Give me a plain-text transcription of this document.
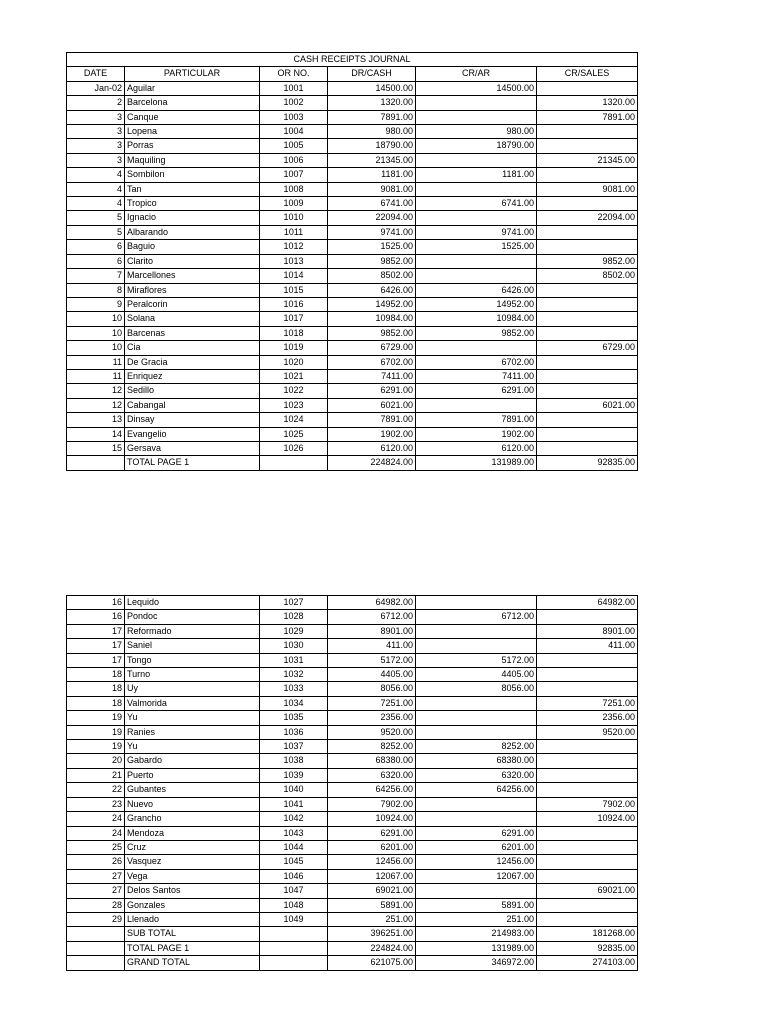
CASH RECEIPTS JOURNAL					
DATE	PARTICULAR	OR NO.	DR/CASH	CR/AR	CR/SALES
Jan-02	Aguilar	1001	14500.00	14500.00	
2	Barcelona	1002	1320.00		1320.00
3	Canque	1003	7891.00		7891.00
3	Lopena	1004	980.00	980.00	
3	Porras	1005	18790.00	18790.00	
3	Maquiling	1006	21345.00		21345.00
4	Sombilon	1007	1181.00	1181.00	
4	Tan	1008	9081.00		9081.00
4	Tropico	1009	6741.00	6741.00	
5	Ignacio	1010	22094.00		22094.00
5	Albarando	1011	9741.00	9741.00	
6	Baguio	1012	1525.00	1525.00	
6	Clarito	1013	9852.00		9852.00
7	Marcellones	1014	8502.00		8502.00
8	Miraflores	1015	6426.00	6426.00	
9	Peralcorin	1016	14952.00	14952.00	
10	Solana	1017	10984.00	10984.00	
10	Barcenas	1018	9852.00	9852.00	
10	Cia	1019	6729.00		6729.00
11	De Gracia	1020	6702.00	6702.00	
11	Enriquez	1021	7411.00	7411.00	
12	Sedillo	1022	6291.00	6291.00	
12	Cabangal	1023	6021.00		6021.00
13	Dinsay	1024	7891.00	7891.00	
14	Evangelio	1025	1902.00	1902.00	
15	Gersava	1026	6120.00	6120.00	
	TOTAL PAGE 1		224824.00	131989.00	92835.00
16	Lequido	1027	64982.00		64982.00
16	Pondoc	1028	6712.00	6712.00	
17	Reformado	1029	8901.00		8901.00
17	Saniel	1030	411.00		411.00
17	Tongo	1031	5172.00	5172.00	
18	Turno	1032	4405.00	4405.00	
18	Uy	1033	8056.00	8056.00	
18	Valmorida	1034	7251.00		7251.00
19	Yu	1035	2356.00		2356.00
19	Ranies	1036	9520.00		9520.00
19	Yu	1037	8252.00	8252.00	
20	Gabardo	1038	68380.00	68380.00	
21	Puerto	1039	6320.00	6320.00	
22	Gubantes	1040	64256.00	64256.00	
23	Nuevo	1041	7902.00		7902.00
24	Grancho	1042	10924.00		10924.00
24	Mendoza	1043	6291.00	6291.00	
25	Cruz	1044	6201.00	6201.00	
26	Vasquez	1045	12456.00	12456.00	
27	Vega	1046	12067.00	12067.00	
27	Delos Santos	1047	69021.00		69021.00
28	Gonzales	1048	5891.00	5891.00	
29	Llenado	1049	251.00	251.00	
	SUB TOTAL		396251.00	214983.00	181268.00
	TOTAL PAGE 1		224824.00	131989.00	92835.00
	GRAND TOTAL		621075.00	346972.00	274103.00
